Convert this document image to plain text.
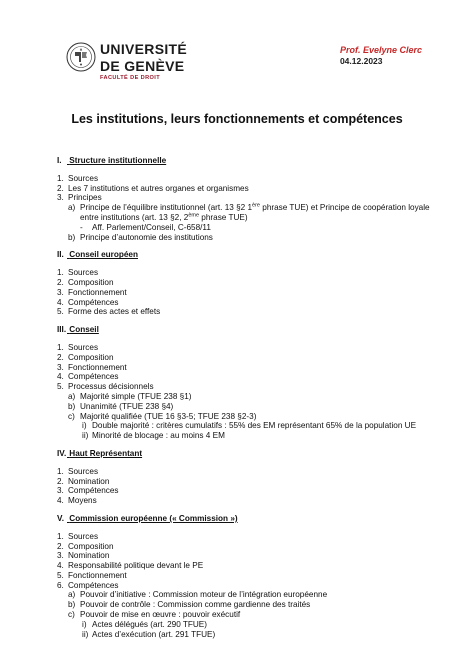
UNIVERSITÉ
DE GENÈVE
FACULTÉ DE DROIT
Prof. Evelyne Clerc
04.12.2023
Les institutions, leurs fonctionnements et compétences
I. Structure institutionnelle
1. Sources
2. Les 7 institutions et autres organes et organismes
3. Principes
a) Principe de l’équilibre institutionnel (art. 13 §2 1ère phrase TUE) et Principe de coopération loyale
entre institutions (art. 13 §2, 2ème phrase TUE)
- Aff. Parlement/Conseil, C-658/11
b) Principe d’autonomie des institutions
II. Conseil européen
1. Sources
2. Composition
3. Fonctionnement
4. Compétences
5. Forme des actes et effets
III. Conseil
1. Sources
2. Composition
3. Fonctionnement
4. Compétences
5. Processus décisionnels
a) Majorité simple (TFUE 238 §1)
b) Unanimité (TFUE 238 §4)
c) Majorité qualifiée (TUE 16 §3-5; TFUE 238 §2-3)
i) Double majorité : critères cumulatifs : 55% des EM représentant 65% de la population UE
ii) Minorité de blocage : au moins 4 EM
IV. Haut Représentant
1. Sources
2. Nomination
3. Compétences
4. Moyens
V. Commission européenne (« Commission »)
1. Sources
2. Composition
3. Nomination
4. Responsabilité politique devant le PE
5. Fonctionnement
6. Compétences
a) Pouvoir d’initiative : Commission moteur de l’intégration européenne
b) Pouvoir de contrôle : Commission comme gardienne des traités
c) Pouvoir de mise en œuvre : pouvoir exécutif
i) Actes délégués (art. 290 TFUE)
ii) Actes d’exécution (art. 291 TFUE)
